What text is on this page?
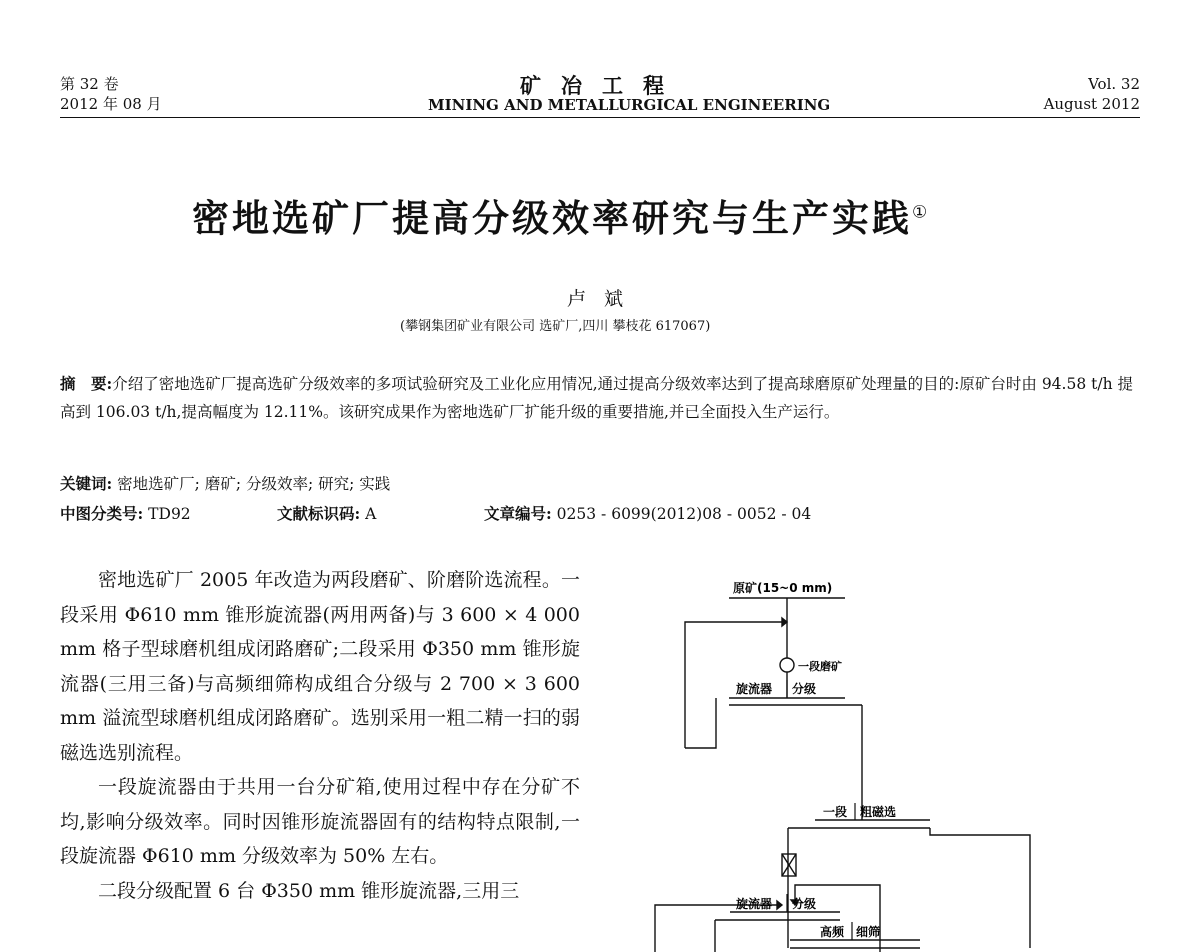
第 32 卷
2012 年 08 月
矿冶工程
MINING AND METALLURGICAL ENGINEERING
Vol. 32
August 2012
密地选矿厂提高分级效率研究与生产实践①
卢斌
(攀钢集团矿业有限公司 选矿厂,四川 攀枝花 617067)
摘　要:介绍了密地选矿厂提高选矿分级效率的多项试验研究及工业化应用情况,通过提高分级效率达到了提高球磨原矿处理量的目的:原矿台时由 94.58 t/h 提高到 106.03 t/h,提高幅度为 12.11%。该研究成果作为密地选矿厂扩能升级的重要措施,并已全面投入生产运行。
关键词: 密地选矿厂; 磨矿; 分级效率; 研究; 实践
中图分类号: TD92	文献标识码: A	文章编号: 0253 - 6099(2012)08 - 0052 - 04

密地选矿厂 2005 年改造为两段磨矿、阶磨阶选流程。一段采用 Φ610 mm 锥形旋流器(两用两备)与 3 600 × 4 000 mm 格子型球磨机组成闭路磨矿;二段采用 Φ350 mm 锥形旋流器(三用三备)与高频细筛构成组合分级与 2 700 × 3 600 mm 溢流型球磨机组成闭路磨矿。选别采用一粗二精一扫的弱磁选选别流程。

一段旋流器由于共用一台分矿箱,使用过程中存在分矿不均,影响分级效率。同时因锥形旋流器固有的结构特点限制,一段旋流器 Φ610 mm 分级效率为 50% 左右。

二段分级配置 6 台 Φ350 mm 锥形旋流器,三用三

原矿(15~0 mm)
一段磨矿
旋流器 分级
一段 粗磁选
旋流器 分级
高频 细筛
